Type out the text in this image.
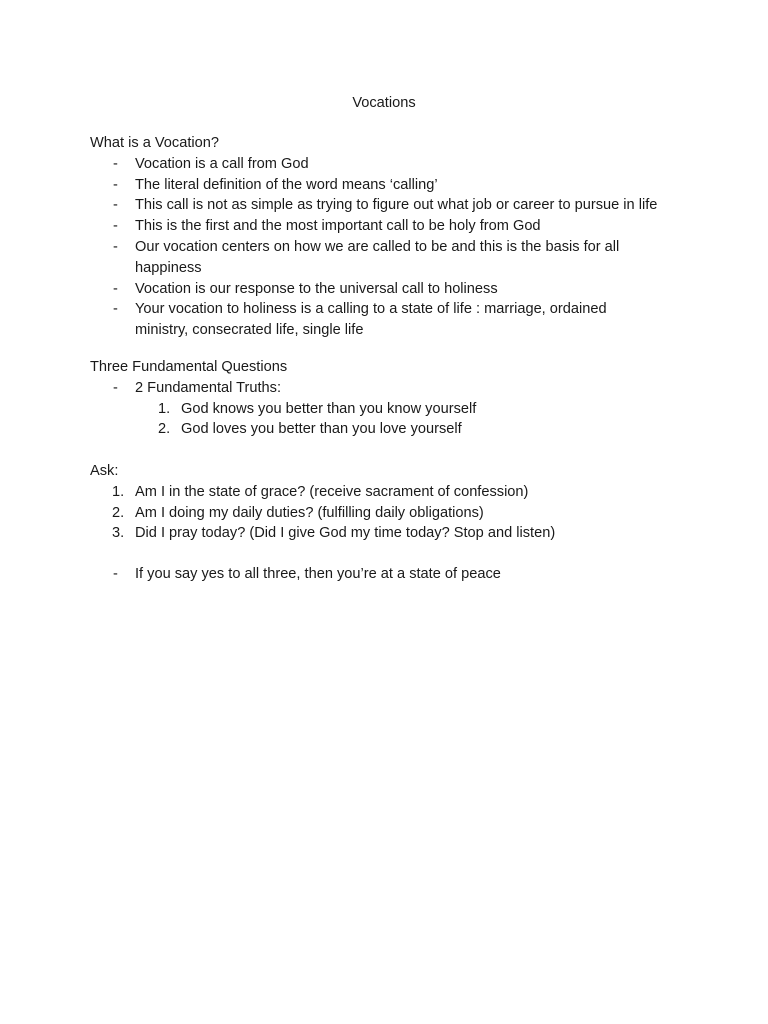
Vocations

What is a Vocation?

- Vocation is a call from God
- The literal definition of the word means ‘calling’
- This call is not as simple as trying to figure out what job or career to pursue in life
- This is the first and the most important call to be holy from God
- Our vocation centers on how we are called to be and this is the basis for all
happiness
- Vocation is our response to the universal call to holiness
- Your vocation to holiness is a calling to a state of life : marriage, ordained
ministry, consecrated life, single life

Three Fundamental Questions

- 2 Fundamental Truths:
1. God knows you better than you know yourself
2. God loves you better than you love yourself

Ask:

1. Am I in the state of grace? (receive sacrament of confession)
2. Am I doing my daily duties? (fulfilling daily obligations)
3. Did I pray today? (Did I give God my time today? Stop and listen)
- If you say yes to all three, then you’re at a state of peace
